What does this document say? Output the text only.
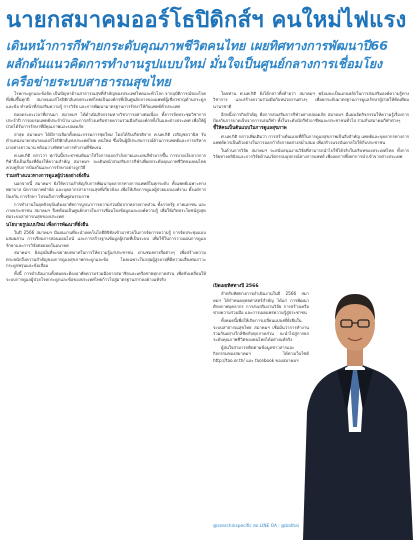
นายกสมาคมออร์โธปิดิกส์ฯ คนใหม่ไฟแรง
เดินหน้าการกีฬายกระดับคุณภาพชีวิตคนไทย เผยทิศทางการพัฒนาปี66
ผลักดันแนวคิดการทำงานรูปแบบใหม่ มั่นใจเป็นศูนย์กลางการเชื่อมโยง
เครือข่ายระบบสาธารณสุขไทย

โรคกระดูกและข้อจัด เป็นปัญหาด้านสาธารณสุขที่สำคัญของประเทศไทยและทั่วโลก จากอุบัติการณ์ของโรคที่เพิ่มขึ้นทุกปี สมาคมออร์โธปิดิกส์แห่งประเทศไทยเป็นองค์กรที่เป็นศูนย์กลางของแพทย์ผู้เชี่ยวชาญด้านกระดูกและข้อ ทำหน้าที่ส่งเสริมความรู้ การวิจัย และการพัฒนามาตรฐานการรักษาให้กับแพทย์ทั่วประเทศ

ตลอดระยะเวลาที่ผ่านมา สมาคมฯ ได้ดำเนินกิจกรรมทางวิชาการอย่างต่อเนื่อง ทั้งการจัดประชุมวิชาการประจำปี การอบรมแพทย์ประจำบ้าน และการสร้างเครือข่ายความร่วมมือกับองค์กรทั้งในและต่างประเทศ เพื่อให้ผู้ป่วยได้รับการรักษาที่มีคุณภาพและปลอดภัย

ล่าสุด สมาคมฯ ได้มีการเลือกตั้งคณะกรรมการชุดใหม่ โดยได้รับเกียรติจาก ศ.นพ.กิติ เจริญชลวานิช รับตำแหน่งนายกสมาคมออร์โธปิดิกส์แห่งประเทศไทย คนใหม่ ซึ่งเป็นผู้มีประสบการณ์ด้านการแพทย์และการบริหารมาอย่างยาวนาน พร้อมวางทิศทางการทำงานที่ชัดเจน

ศ.นพ.กิติ กล่าวว่า ทุกวันนี้ประชาชนหันมาใส่ใจการออกกำลังกายและเล่นกีฬามากขึ้น การบาดเจ็บจากการกีฬาจึงเป็นเรื่องที่ต้องให้ความสำคัญ สมาคมฯ จะเดินหน้าส่งเสริมการกีฬาเพื่อยกระดับคุณภาพชีวิตของคนไทย ควบคู่กับการป้องกันและการรักษาอย่างถูกวิธี

ร่วมสร้างแนวทางการดูแลผู้ป่วยอย่างยั่งยืน

นอกจากนี้ สมาคมฯ ยังให้ความสำคัญกับการพัฒนาบุคลากรทางการแพทย์ในทุกระดับ ทั้งแพทย์เฉพาะทาง พยาบาล นักกายภาพบำบัด และบุคลากรสาธารณสุขที่เกี่ยวข้อง เพื่อให้เกิดการดูแลผู้ป่วยแบบองค์รวม ตั้งแต่การป้องกัน การรักษา ไปจนถึงการฟื้นฟูสมรรถภาพ

การทำงานในยุคปัจจุบันต้องอาศัยการบูรณาการความร่วมมือจากหลายภาคส่วน ทั้งภาครัฐ ภาคเอกชน และภาคประชาชน สมาคมฯ จึงพร้อมเป็นศูนย์กลางในการเชื่อมโยงข้อมูลและองค์ความรู้ เพื่อให้เกิดประโยชน์สูงสุดต่อระบบสาธารณสุขของประเทศ

นโยบายรูปแบบใหม่ เพื่อการพัฒนาที่ยั่งยืน

ในปี 2566 สมาคมฯ มีแผนงานที่จะนำเทคโนโลยีดิจิทัลเข้ามาช่วยในการจัดการความรู้ การจัดประชุมแบบผสมผสาน การเรียนการสอนออนไลน์ และการสร้างฐานข้อมูลผู้ป่วยที่เป็นระบบ เพื่อใช้ในการวางแผนการดูแลรักษาและการวิจัยต่อยอดในอนาคต

สมาคมฯ ยังมุ่งมั่นที่จะขยายบทบาทในการให้ความรู้แก่ประชาชน ผ่านช่องทางสื่อต่างๆ เพื่อสร้างความตระหนักถึงความสำคัญของการดูแลสุขภาพกระดูกและข้อ โดยเฉพาะในกลุ่มผู้สูงอายุที่มีความเสี่ยงต่อภาวะกระดูกพรุนและข้อเสื่อม

ทั้งนี้ การดำเนินงานทั้งหมดจะต้องอาศัยความร่วมมือจากสมาชิกและเครือข่ายทุกภาคส่วน เพื่อขับเคลื่อนให้ระบบการดูแลผู้ป่วยโรคกระดูกและข้อของประเทศไทยก้าวไปสู่มาตรฐานสากลอย่างแท้จริง

โดยท่าน ศ.นพ.กิติ ยังได้กล่าวทิ้งท้ายว่า สมาคมฯ พร้อมจะเป็นแกนหลักในการส่งเสริมองค์ความรู้ทางวิชาการ และสร้างความร่วมมือกับหน่วยงานต่างๆ เพื่อยกระดับมาตรฐานการดูแลรักษาผู้ป่วยให้ทัดเทียมนานาชาติ

อีกหนึ่งภารกิจสำคัญ คือการส่งเสริมการกีฬาอย่างปลอดภัย สมาคมฯ มีแผนจัดกิจกรรมให้ความรู้เรื่องการป้องกันการบาดเจ็บจากการเล่นกีฬา ทั้งในระดับนักกีฬาอาชีพและประชาชนทั่วไป ร่วมกับสมาคมกีฬาต่างๆ

ชี้ให้คนเป็นต้นแบบในการดูแลสุขภาพ

ศ.นพ.กิติ กล่าวเพิ่มเติมว่า การสร้างต้นแบบที่ดีในการดูแลสุขภาพเป็นสิ่งสำคัญ แพทย์และบุคลากรทางการแพทย์ควรเป็นตัวอย่างในการออกกำลังกายอย่างสม่ำเสมอ เพื่อสร้างแรงบันดาลใจให้กับประชาชน

ในด้านการวิจัย สมาคมฯ จะสนับสนุนงานวิจัยที่สามารถนำไปใช้ได้จริงในบริบทของประเทศไทย ทั้งการวิจัยทางคลินิกและการวิจัยด้านนวัตกรรมอุปกรณ์ทางการแพทย์ เพื่อลดการพึ่งพาการนำเข้าจากต่างประเทศ

เปิดเผยทิศทางปี 2566

สำหรับทิศทางการดำเนินงานในปี 2566 สมาคมฯ ได้กำหนดยุทธศาสตร์สำคัญ ได้แก่ การพัฒนาศักยภาพบุคลากร การส่งเสริมงานวิจัย การสร้างเครือข่ายความร่วมมือ และการเผยแพร่ความรู้สู่ประชาชน

ทั้งหมดนี้เพื่อให้เกิดการเปลี่ยนแปลงที่ยั่งยืนในระบบสาธารณสุขไทย สมาคมฯ เชื่อมั่นว่าการทำงานร่วมกันอย่างใกล้ชิดกับทุกภาคส่วน จะนำไปสู่การยกระดับคุณภาพชีวิตของคนไทยได้อย่างแท้จริง

ผู้สนใจสามารถติดตามข้อมูลข่าวสารและกิจกรรมของสมาคมฯ ได้ทางเว็บไซต์ http://tao.or.th/ และ facebook ของสมาคมฯ

@searchinspecific สถ.LINE OA : @bathai
